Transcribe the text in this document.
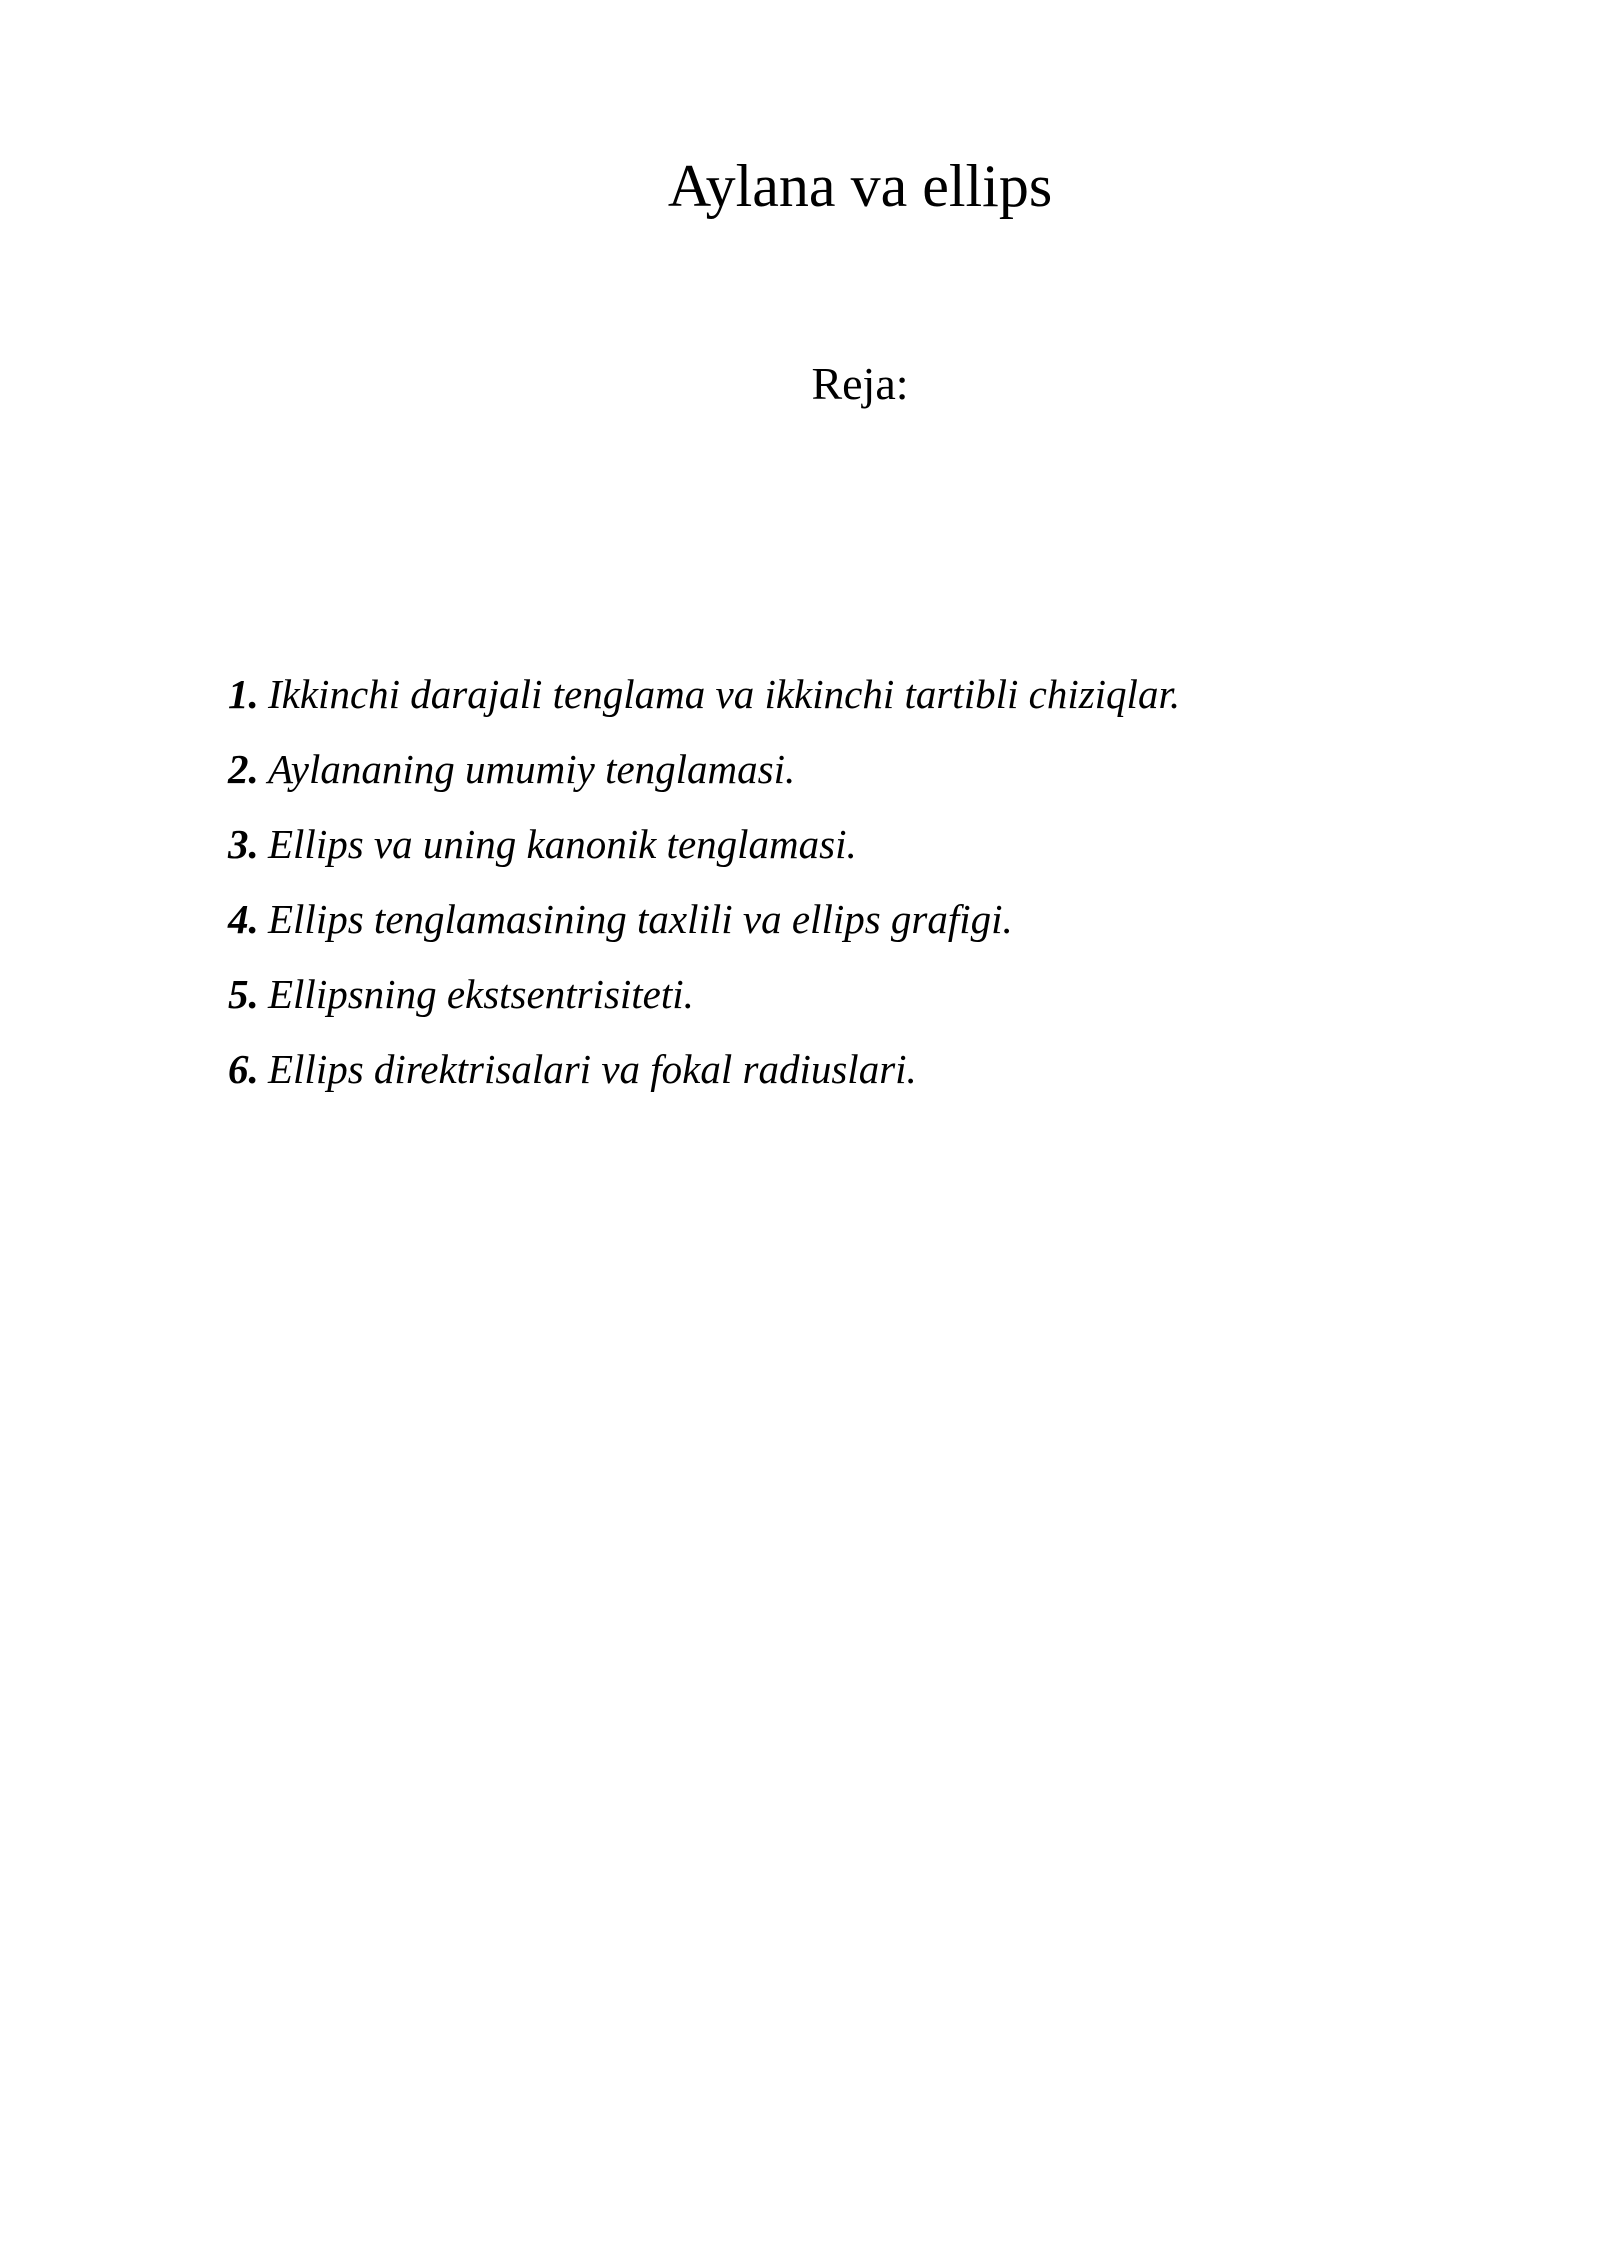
Aylana va ellips
Reja:
1. Ikkinchi darajali tenglama va ikkinchi tartibli chiziqlar.
2. Aylananing umumiy tenglamasi.
3. Ellips va uning kanonik tenglamasi.
4. Ellips tenglamasining taxlili va ellips grafigi.
5. Ellipsning ekstsentrisiteti.
6. Ellips direktrisalari va fokal radiuslari.
